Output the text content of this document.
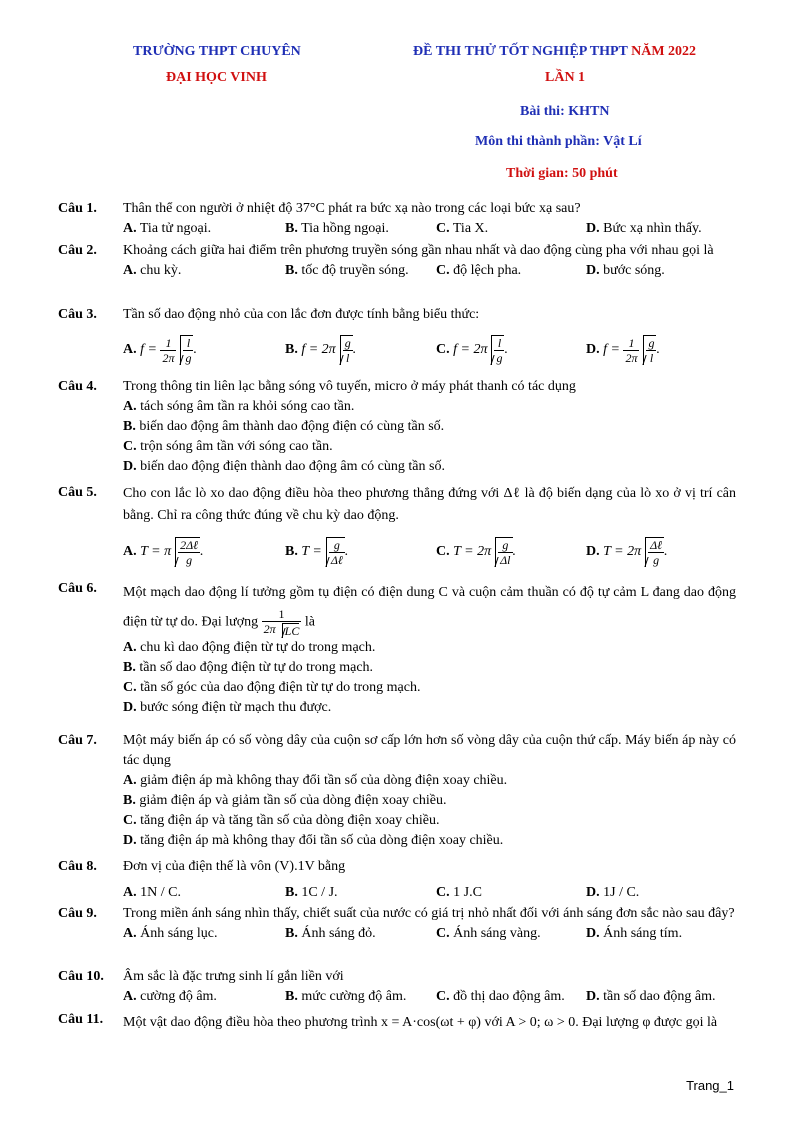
TRƯỜNG THPT CHUYÊN
ĐẠI HỌC VINH
ĐỀ THI THỬ TỐT NGHIỆP THPT NĂM 2022
LẦN 1
Bài thi: KHTN
Môn thi thành phần: Vật Lí
Thời gian: 50 phút
Câu 1.	Thân thể con người ở nhiệt độ 37°C phát ra bức xạ nào trong các loại bức xạ sau?
A. Tia tử ngoại.	B. Tia hồng ngoại.	C. Tia X.	D. Bức xạ nhìn thấy.
Câu 2.	Khoảng cách giữa hai điểm trên phương truyền sóng gần nhau nhất và dao động cùng pha với nhau gọi là
A. chu kỳ.	B. tốc độ truyền sóng. C. độ lệch pha.	D. bước sóng.
Câu 3.	Tần số dao động nhỏ của con lắc đơn được tính bằng biểu thức:
A. $f = \frac{1}{2\pi} \frac{l}{g}$ .	B. $f = 2\pi \frac{g}{l}$ .	C. $f = 2\pi \frac{l}{g}$ .	D. $f = \frac{1}{2\pi} \frac{g}{l}$ .
Câu 4.	Trong thông tin liên lạc bằng sóng vô tuyến, micro ở máy phát thanh có tác dụng
A. tách sóng âm tần ra khỏi sóng cao tần.
B. biến dao động âm thành dao động điện có cùng tần số.
C. trộn sóng âm tần với sóng cao tần.
D. biến dao động điện thành dao động âm có cùng tần số.
Câu 5.	Cho con lắc lò xo dao động điều hòa theo phương thẳng đứng với Δℓ là độ biến dạng của lò xo ở vị trí cân bằng. Chỉ ra công thức đúng về chu kỳ dao động.
A. T = π $\frac{\text{2Δℓ}}{g}$ .	B. $T = \frac{g}{\text{Δℓ}}$ .	C. $T = 2\pi \frac{g}{\Delta l}$ .	D. $T = 2\pi \frac{\text{Δℓ}}{g}$ .
Câu 6.	Một mạch dao động lí tưởng gồm tụ điện có điện dung C và cuộn cảm thuần có độ tự cảm L đang dao động điện từ tự do. Đại lượng $\frac{1}{\text{2π LC}}$ là
A. chu kì dao động điện từ tự do trong mạch.
B. tần số dao động điện từ tự do trong mạch.
C. tần số góc của dao động điện từ tự do trong mạch.
D. bước sóng điện từ mạch thu được.
Câu 7.	Một máy biến áp có số vòng dây của cuộn sơ cấp lớn hơn số vòng dây của cuộn thứ cấp. Máy biến áp này có tác dụng
A. giảm điện áp mà không thay đổi tần số của dòng điện xoay chiều.
B. giảm điện áp và giảm tần số của dòng điện xoay chiều.
C. tăng điện áp và tăng tần số của dòng điện xoay chiều.
D. tăng điện áp mà không thay đổi tần số của dòng điện xoay chiều.
Câu 8.	Đơn vị của điện thế là vôn (V).1V bằng
A. 1N / C.	B. 1C / J.	C. 1 J.C	D. 1J / C.
Câu 9.	Trong miền ánh sáng nhìn thấy, chiết suất của nước có giá trị nhỏ nhất đối với ánh sáng đơn sắc nào sau đây?
A. Ánh sáng lục.	B. Ánh sáng đỏ.	C. Ánh sáng vàng.	D. Ánh sáng tím.
Câu 10.	Âm sắc là đặc trưng sinh lí gắn liền với
A. cường độ âm.	B. mức cường độ âm. C. đồ thị dao động âm. D. tần số dao động âm.
Câu 11.	Một vật dao động điều hòa theo phương trình x = A·cos(ωt + φ) với A > 0; ω > 0. Đại lượng φ được gọi là
Trang_1
